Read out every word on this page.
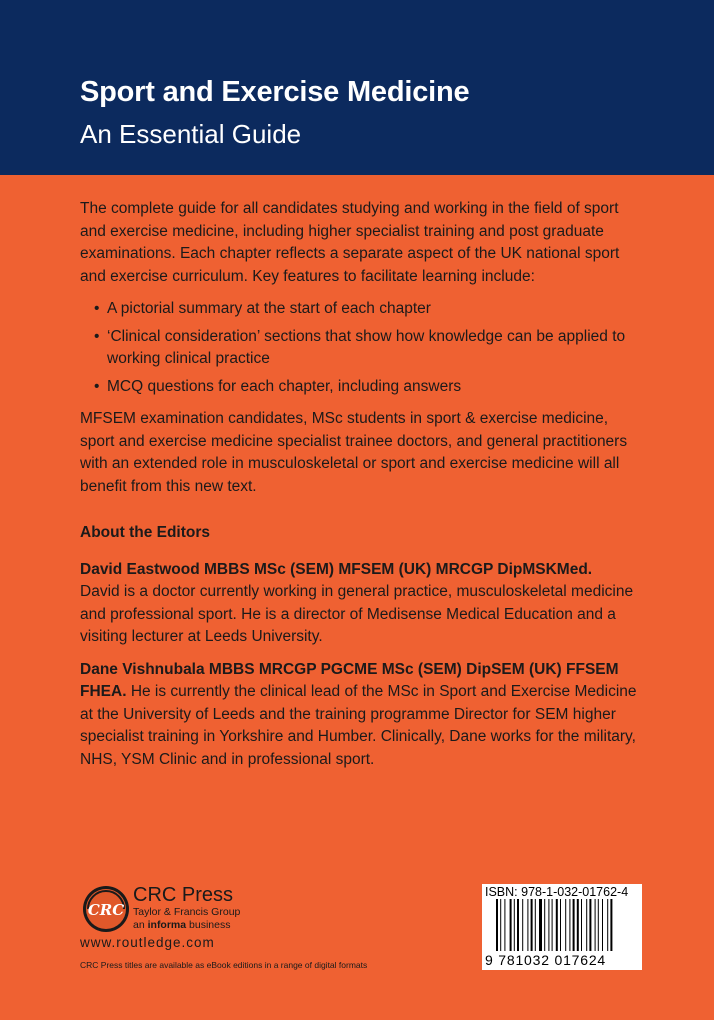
Sport and Exercise Medicine
An Essential Guide

The complete guide for all candidates studying and working in the field of sport and exercise medicine, including higher specialist training and post graduate examinations. Each chapter reflects a separate aspect of the UK national sport and exercise curriculum. Key features to facilitate learning include:

• A pictorial summary at the start of each chapter
• ‘Clinical consideration’ sections that show how knowledge can be applied to working clinical practice
• MCQ questions for each chapter, including answers

MFSEM examination candidates, MSc students in sport & exercise medicine, sport and exercise medicine specialist trainee doctors, and general practitioners with an extended role in musculoskeletal or sport and exercise medicine will all benefit from this new text.

About the Editors

David Eastwood MBBS MSc (SEM) MFSEM (UK) MRCGP DipMSKMed.
David is a doctor currently working in general practice, musculoskeletal medicine and professional sport. He is a director of Medisense Medical Education and a visiting lecturer at Leeds University.

Dane Vishnubala MBBS MRCGP PGCME MSc (SEM) DipSEM (UK) FFSEM FHEA. He is currently the clinical lead of the MSc in Sport and Exercise Medicine at the University of Leeds and the training programme Director for SEM higher specialist training in Yorkshire and Humber. Clinically, Dane works for the military, NHS, YSM Clinic and in professional sport.

CRC
CRC Press
Taylor & Francis Group
an informa business
www.routledge.com
CRC Press titles are available as eBook editions in a range of digital formats
ISBN: 978-1-032-01762-4
9 781032 017624
